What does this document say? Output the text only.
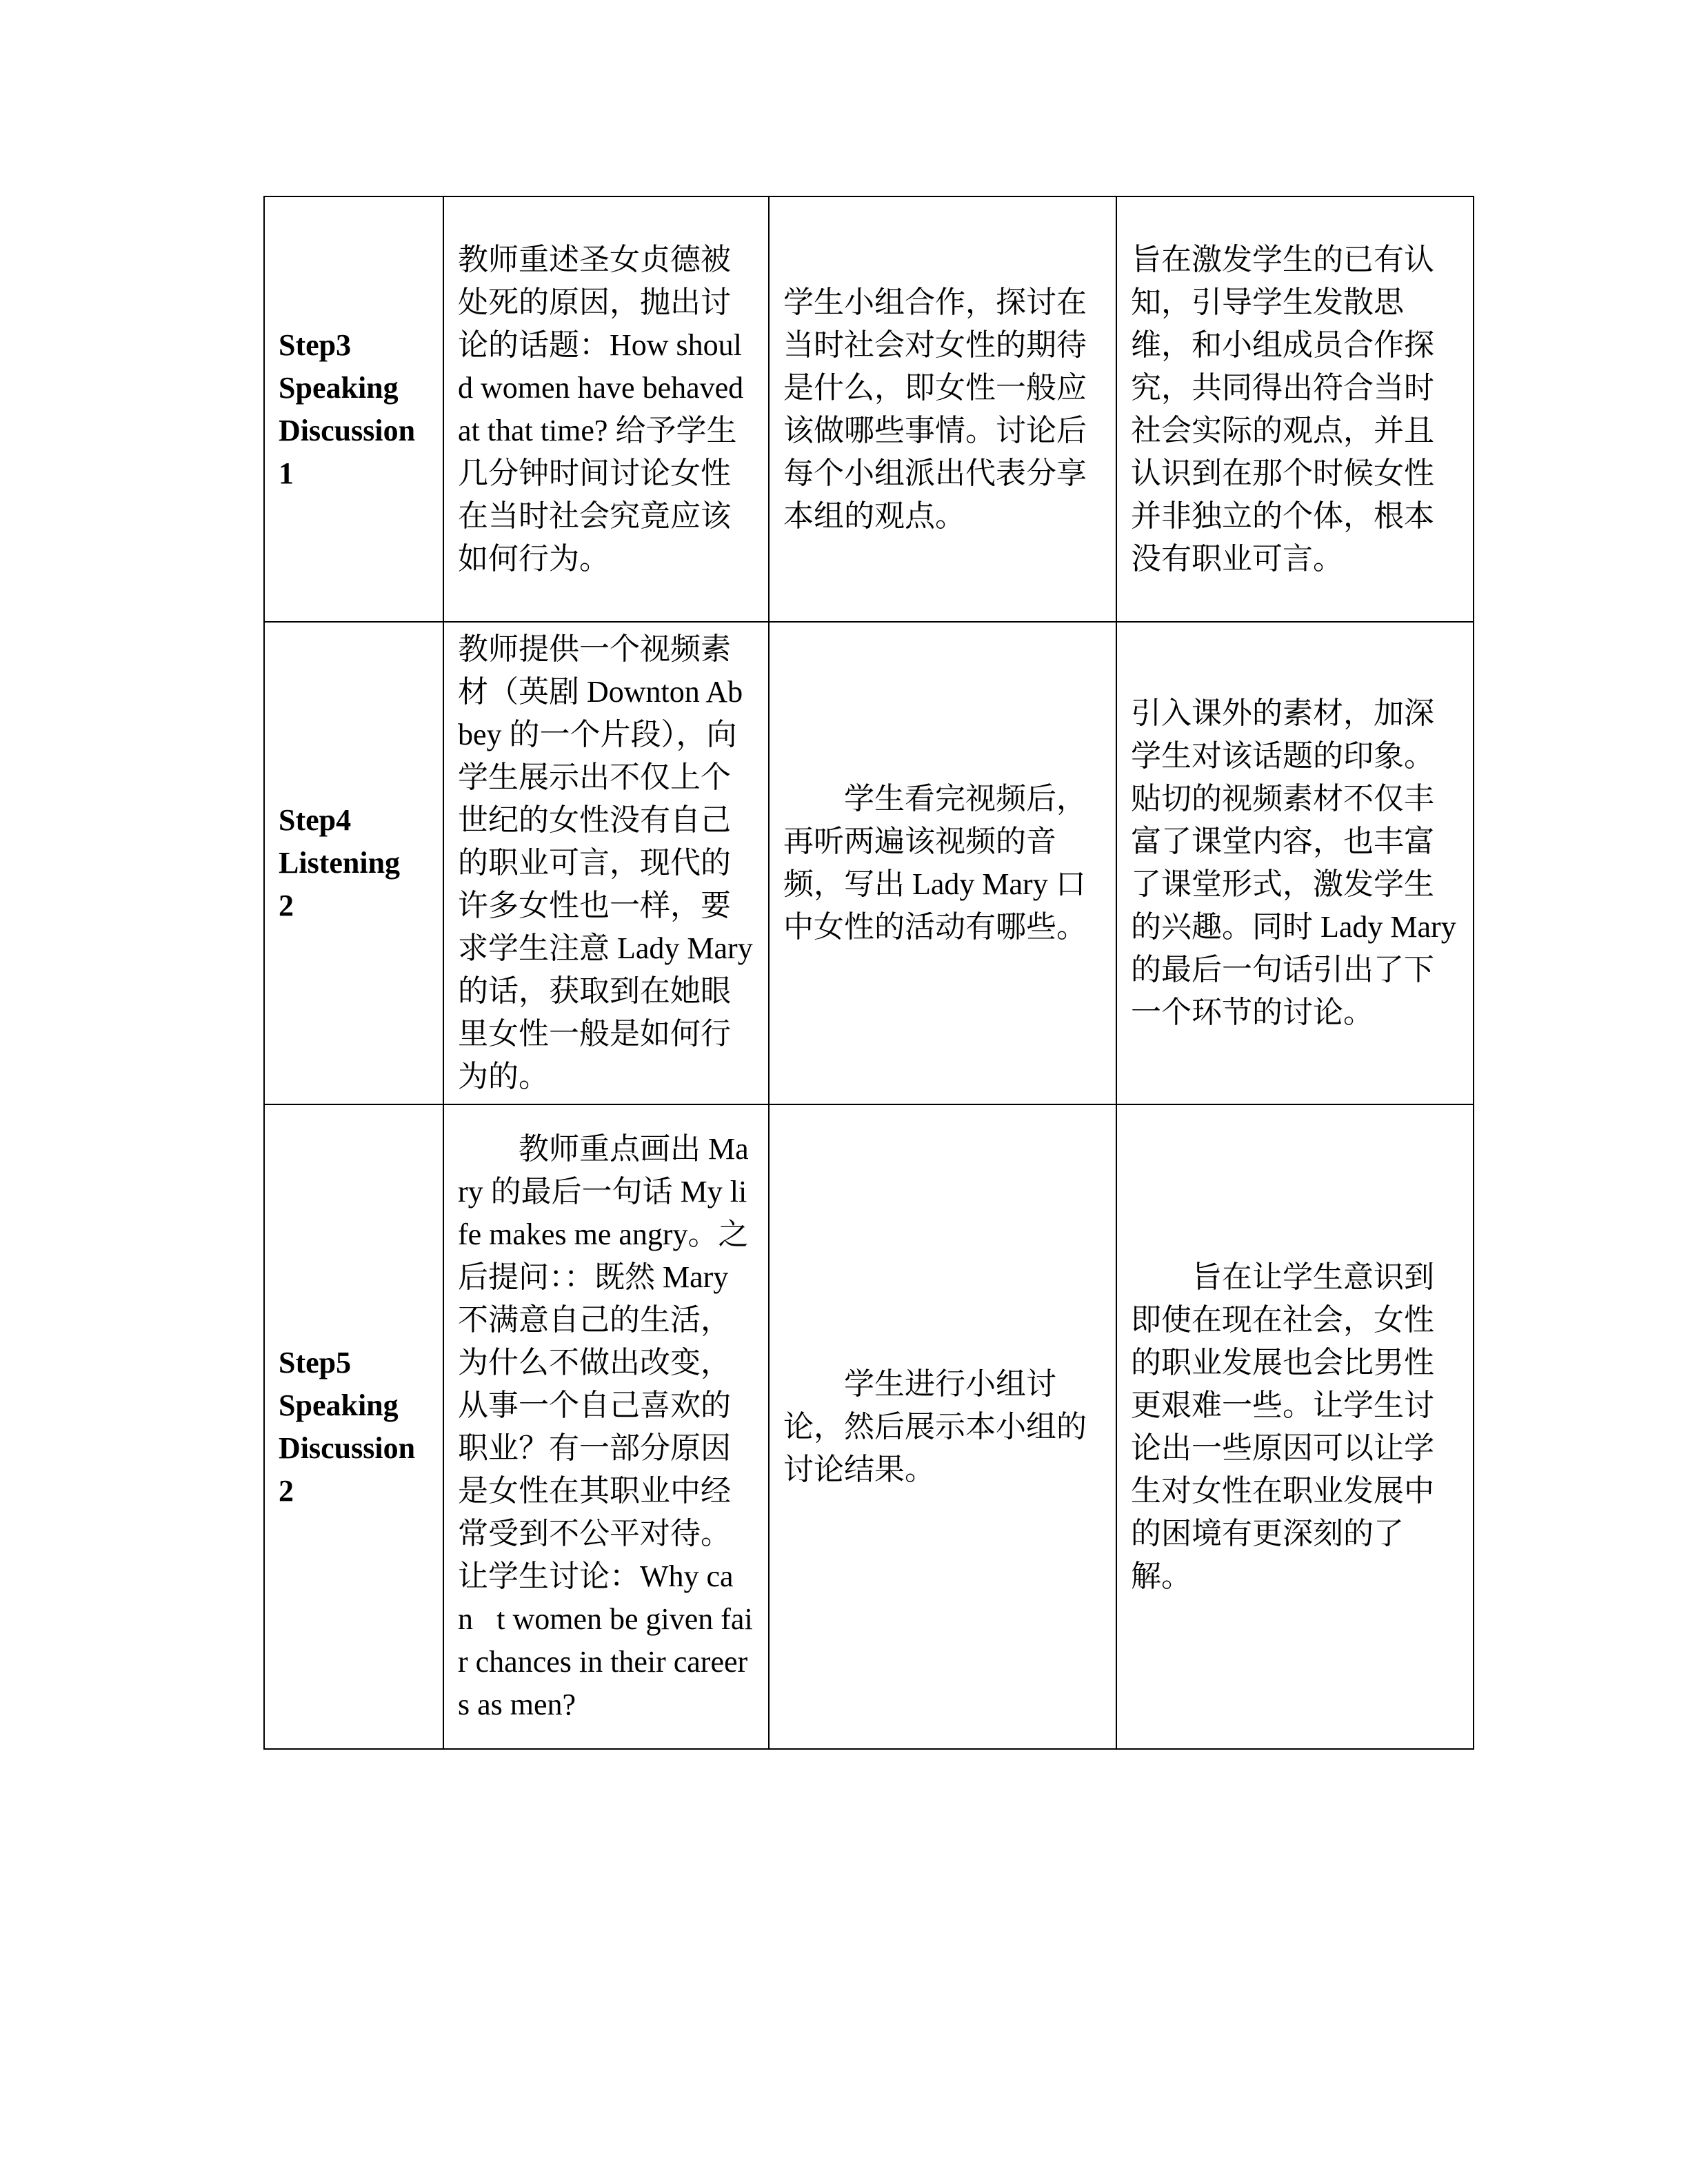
Step3
Speaking
Discussion
1	教师重述圣女贞德被处死的原因，抛出讨论的话题：How should women have behaved at that time? 给予学生几分钟时间讨论女性在当时社会究竟应该如何行为。	学生小组合作，探讨在当时社会对女性的期待是什么，即女性一般应该做哪些事情。讨论后每个小组派出代表分享本组的观点。	旨在激发学生的已有认知，引导学生发散思维，和小组成员合作探究，共同得出符合当时社会实际的观点，并且认识到在那个时候女性并非独立的个体，根本没有职业可言。

Step4
Listening
2	教师提供一个视频素材（英剧 Downton Abbey 的一个片段），向学生展示出不仅上个世纪的女性没有自己的职业可言，现代的许多女性也一样，要求学生注意 Lady Mary 的话，获取到在她眼里女性一般是如何行为的。	学生看完视频后，再听两遍该视频的音频，写出 Lady Mary 口中女性的活动有哪些。	引入课外的素材，加深学生对该话题的印象。贴切的视频素材不仅丰富了课堂内容，也丰富了课堂形式，激发学生的兴趣。同时 Lady Mary 的最后一句话引出了下一个环节的讨论。

Step5
Speaking
Discussion
2	教师重点画出 Mary 的最后一句话 My life makes me angry。之后提问：：既然 Mary 不满意自己的生活，为什么不做出改变，从事一个自己喜欢的职业？有一部分原因是女性在其职业中经常受到不公平对待。让学生讨论：Why can t women be given fair chances in their careers as men?	学生进行小组讨论，然后展示本小组的讨论结果。	旨在让学生意识到即使在现在社会，女性的职业发展也会比男性更艰难一些。让学生讨论出一些原因可以让学生对女性在职业发展中的困境有更深刻的了解。
